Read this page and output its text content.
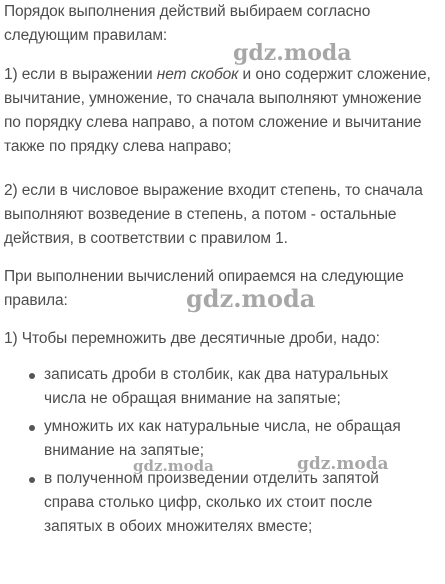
Порядок выполнения действий выбираем согласно следующим правилам:
1) если в выражении нет скобок и оно содержит сложение, вычитание, умножение, то сначала выполняют умножение по порядку слева направо, а потом сложение и вычитание также по прядку слева направо;
2) если в числовое выражение входит степень, то сначала выполняют возведение в степень, а потом - остальные действия, в соответствии с правилом 1.
При выполнении вычислений опираемся на следующие правила:
1) Чтобы перемножить две десятичные дроби, надо:
записать дроби в столбик, как два натуральных числа не обращая внимание на запятые;
умножить их как натуральные числа, не обращая внимание на запятые;
в полученном произведении отделить запятой справа столько цифр, сколько их стоит после запятых в обоих множителях вместе;
gdz.moda
gdz.moda
gdz.moda	gdz.moda
